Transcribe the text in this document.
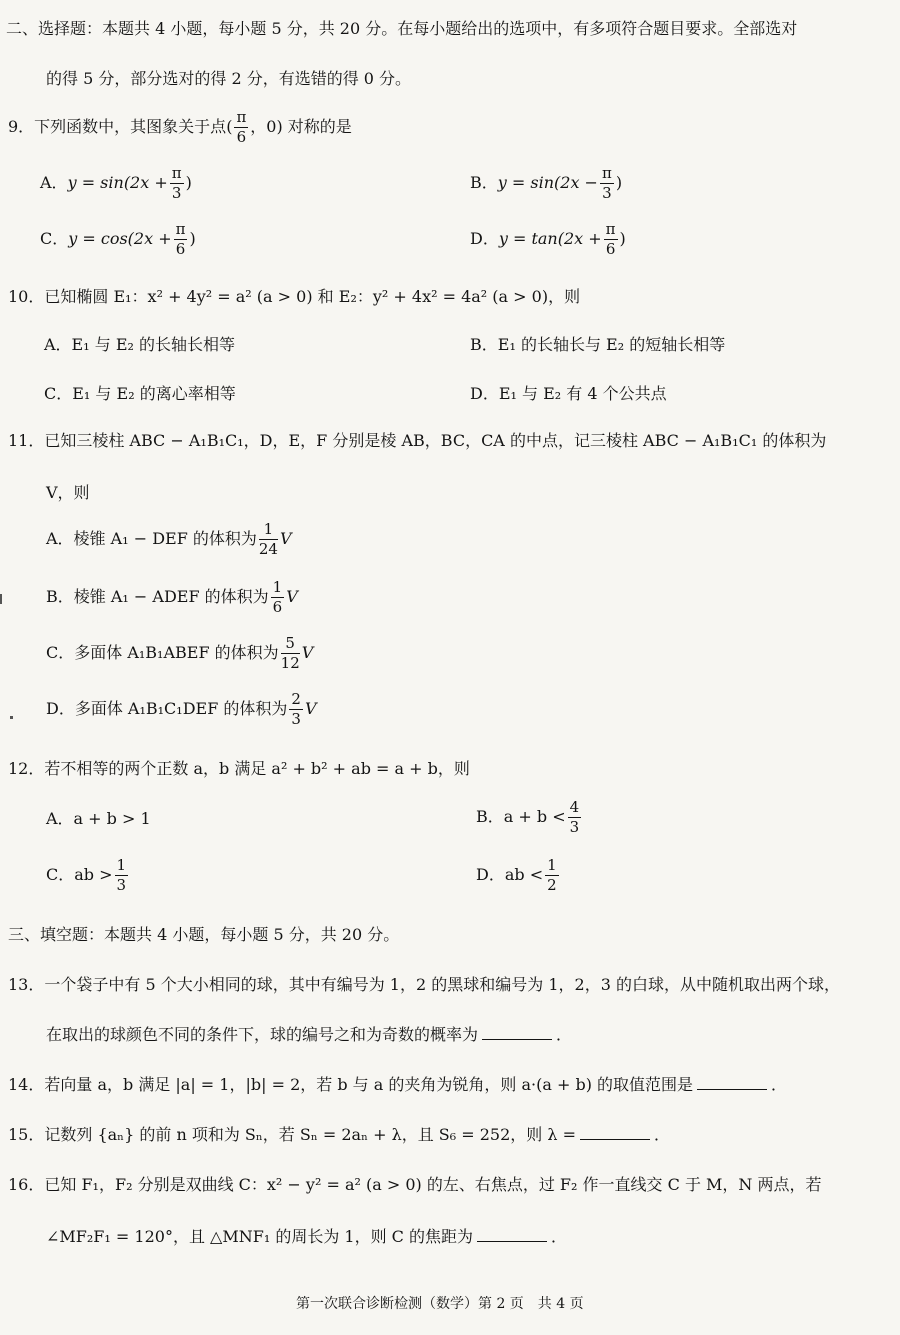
二、选择题：本题共 4 小题，每小题 5 分，共 20 分。在每小题给出的选项中，有多项符合题目要求。全部选对
的得 5 分，部分选对的得 2 分，有选错的得 0 分。
9．下列函数中，其图象关于点( $\frac{\pi}{6}$ ，0) 对称的是
A．$y = \sin(2x + \frac{\pi}{3}$ )	B．$y = \sin(2x - \frac{\pi}{3}$ )
C．$y = \cos(2x + \frac{\pi}{6}$ )	D．$y = \tan(2x + \frac{\pi}{6}$ )
10．已知椭圆 E₁：x² + 4y² = a² (a > 0) 和 E₂：y² + 4x² = 4a² (a > 0)，则
A．E₁ 与 E₂ 的长轴长相等	B．E₁ 的长轴长与 E₂ 的短轴长相等
C．E₁ 与 E₂ 的离心率相等	D．E₁ 与 E₂ 有 4 个公共点
11．已知三棱柱 ABC − A₁B₁C₁，D，E，F 分别是棱 AB，BC，CA 的中点，记三棱柱 ABC − A₁B₁C₁ 的体积为
V，则
A．棱锥 A₁ − DEF 的体积为 $\frac{1}{24}$ V
B．棱锥 A₁ − ADEF 的体积为 $\frac{1}{6}$ V
C．多面体 A₁B₁ABEF 的体积为 $\frac{5}{12}$ V
D．多面体 A₁B₁C₁DEF 的体积为 $\frac{2}{3}$ V
12．若不相等的两个正数 a，b 满足 a² + b² + ab = a + b，则
A．a + b > 1	B．$a + b < \frac{4}{3}$
C．ab > $\frac{1}{3}$	D．ab < $\frac{1}{2}$
三、填空题：本题共 4 小题，每小题 5 分，共 20 分。
13．一个袋子中有 5 个大小相同的球，其中有编号为 1，2 的黑球和编号为 1，2，3 的白球，从中随机取出两个球，
在取出的球颜色不同的条件下，球的编号之和为奇数的概率为	．
14．若向量 a，b 满足 |a| = 1，|b| = 2，若 b 与 a 的夹角为锐角，则 a·(a + b) 的取值范围是	．
15．记数列 {aₙ} 的前 n 项和为 Sₙ，若 Sₙ = 2aₙ + λ，且 S₆ = 252，则 λ =	．
16．已知 F₁，F₂ 分别是双曲线 C：x² − y² = a² (a > 0) 的左、右焦点，过 F₂ 作一直线交 C 于 M，N 两点，若
∠MF₂F₁ = 120°，且 △MNF₁ 的周长为 1，则 C 的焦距为	．
第一次联合诊断检测（数学）第 2 页　共 4 页
